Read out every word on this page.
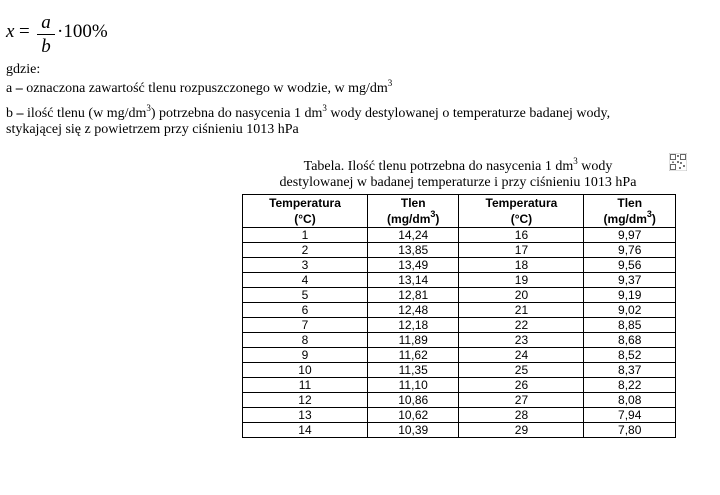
x = a
b
·100%
gdzie:
a – oznaczona zawartość tlenu rozpuszczonego w wodzie, w $mg/dm^3$
b – ilość tlenu (w $mg/dm^3$) potrzebna do nasycenia 1 $dm^3$ wody destylowanej o temperaturze badanej wody,
stykającej się z powietrzem przy ciśnieniu 1013 hPa
Tabela. Ilość tlenu potrzebna do nasycenia 1 $dm^3$ wody
destylowanej w badanej temperaturze i przy ciśnieniu 1013 hPa
Temperatura	Tlen	Temperatura	Tlen
(°C)	$(mg/dm^3)$	(°C)	$(mg/dm^3)$
1	14,24	16	9,97
2	13,85	17	9,76
3	13,49	18	9,56
4	13,14	19	9,37
5	12,81	20	9,19
6	12,48	21	9,02
7	12,18	22	8,85
8	11,89	23	8,68
9	11,62	24	8,52
10	11,35	25	8,37
11	11,10	26	8,22
12	10,86	27	8,08
13	10,62	28	7,94
14	10,39	29	7,80
